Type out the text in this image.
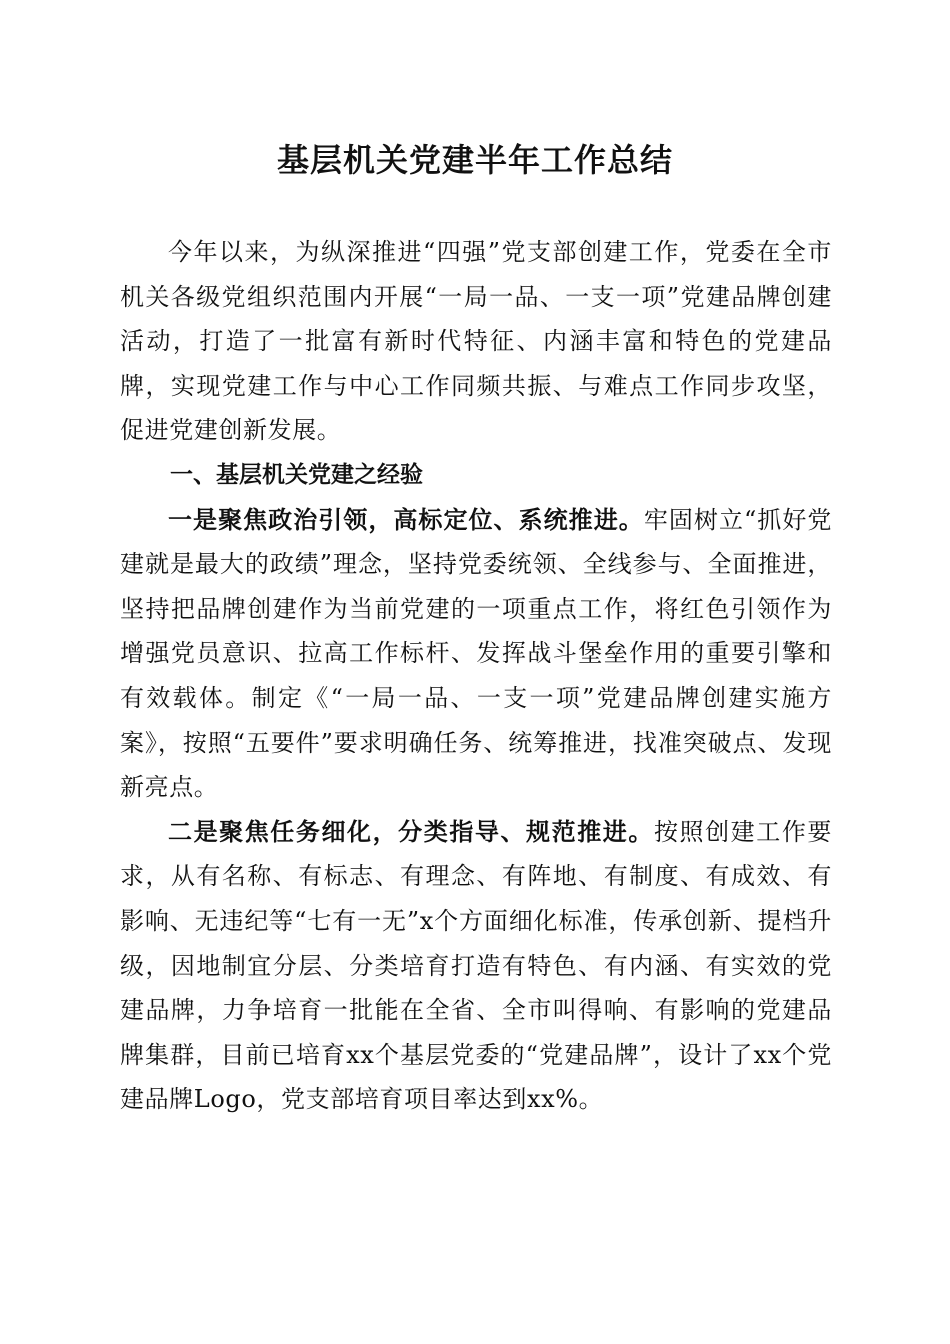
基层机关党建半年工作总结

今年以来，为纵深推进“四强”党支部创建工作，党委在全市机关各级党组织范围内开展“一局一品、一支一项”党建品牌创建活动，打造了一批富有新时代特征、内涵丰富和特色的党建品牌，实现党建工作与中心工作同频共振、与难点工作同步攻坚，促进党建创新发展。

一、基层机关党建之经验

一是聚焦政治引领，高标定位、系统推进。牢固树立“抓好党建就是最大的政绩”理念，坚持党委统领、全线参与、全面推进，坚持把品牌创建作为当前党建的一项重点工作，将红色引领作为增强党员意识、拉高工作标杆、发挥战斗堡垒作用的重要引擎和有效载体。制定《“一局一品、一支一项”党建品牌创建实施方案》，按照“五要件”要求明确任务、统筹推进，找准突破点、发现新亮点。

二是聚焦任务细化，分类指导、规范推进。按照创建工作要求，从有名称、有标志、有理念、有阵地、有制度、有成效、有影响、无违纪等“七有一无”x个方面细化标准，传承创新、提档升级，因地制宜分层、分类培育打造有特色、有内涵、有实效的党建品牌，力争培育一批能在全省、全市叫得响、有影响的党建品牌集群，目前已培育xx个基层党委的“党建品牌”，设计了xx个党建品牌Logo，党支部培育项目率达到xx%。
